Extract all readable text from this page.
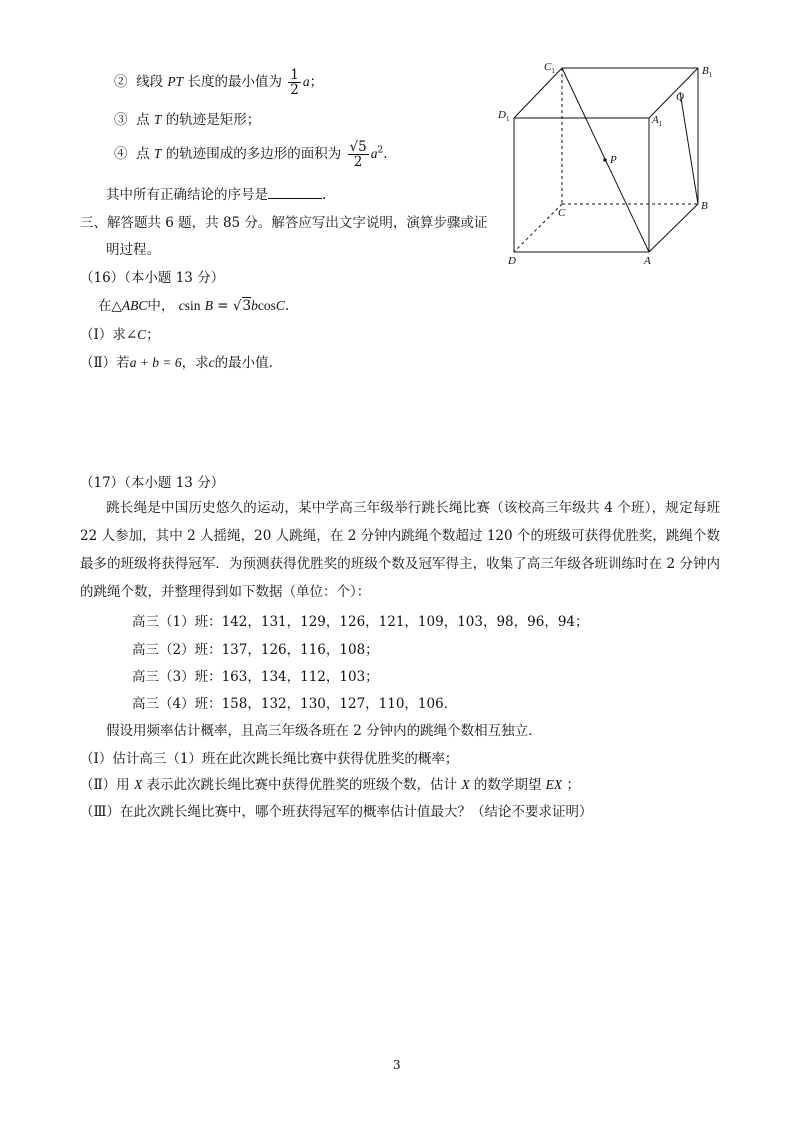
② 线段 PT 长度的最小值为 $\frac{1}{2}$ a；
③ 点 T 的轨迹是矩形；
④ 点 T 的轨迹围成的多边形的面积为 $\frac{√5}{2} a^2$.
其中所有正确结论的序号是	.
三、解答题共 6 题，共 85 分。解答应写出文字说明，演算步骤或证
明过程。
$C_1$	$B_1$
$D_1$	$A_1$
Q
P
C
B
D	A
（16）（本小题 13 分）
在△ABC中， csin B = √3bcosC.
（Ⅰ）求∠C；
（Ⅱ）若a + b = 6，求c的最小值.
（17）（本小题 13 分）
跳长绳是中国历史悠久的运动，某中学高三年级举行跳长绳比赛（该校高三年级共 4 个班），规定每班 22 人参加，其中 2 人摇绳，20 人跳绳，在 2 分钟内跳绳个数超过 120 个的班级可获得优胜奖，跳绳个数最多的班级将获得冠军．为预测获得优胜奖的班级个数及冠军得主，收集了高三年级各班训练时在 2 分钟内的跳绳个数，并整理得到如下数据（单位：个）：
高三（1）班：142，131，129，126，121，109，103，98，96，94；
高三（2）班：137，126，116，108；
高三（3）班：163，134，112，103；
高三（4）班：158，132，130，127，110，106．
假设用频率估计概率，且高三年级各班在 2 分钟内的跳绳个数相互独立．
（Ⅰ）估计高三（1）班在此次跳长绳比赛中获得优胜奖的概率；
（Ⅱ）用 X 表示此次跳长绳比赛中获得优胜奖的班级个数，估计 X 的数学期望 EX ；
（Ⅲ）在此次跳长绳比赛中，哪个班获得冠军的概率估计值最大？（结论不要求证明）
3
